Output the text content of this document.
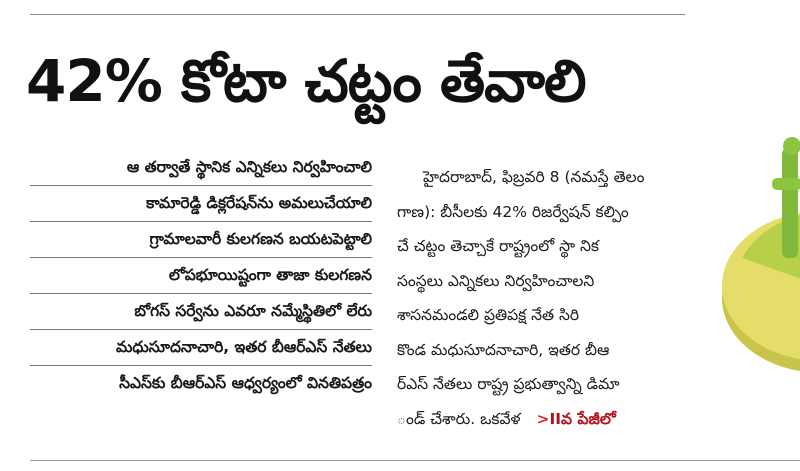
42% కోటా చట్టం తేవాలి
ఆ తర్వాతే స్థానిక ఎన్నికలు నిర్వహించాలి
కామారెడ్డి డిక్లరేషన్‌ను అమలుచేయాలి
గ్రామాలవారీ కులగణన బయటపెట్టాలి
లోపభూయిష్టంగా తాజా కులగణన
బోగస్ సర్వేను ఎవరూ నమ్మేస్థితిలో లేరు
మధుసూదనాచారి, ఇతర బీఆర్ఎస్ నేతలు
సీఎస్‌కు బీఆర్ఎస్ ఆధ్వర్యంలో వినతిపత్రం
హైదరాబాద్, ఫిబ్రవరి 8 (నమస్తే తెలం
గాణ): బీసీలకు 42% రిజర్వేషన్ కల్పిం
చే చట్టం తెచ్చాకే రాష్ట్రంలో స్థా నిక
సంస్థలు ఎన్నికలు నిర్వహించాలని
శాసనమండలి ప్రతిపక్ష నేత సిరి
కొండ మధుసూదనాచారి, ఇతర బీఆ
ర్ఎస్ నేతలు రాష్ట్ర ప్రభుత్వాన్ని డిమా
ండ్ చేశారు. ఒకవేళ >IIవ పేజీలో
